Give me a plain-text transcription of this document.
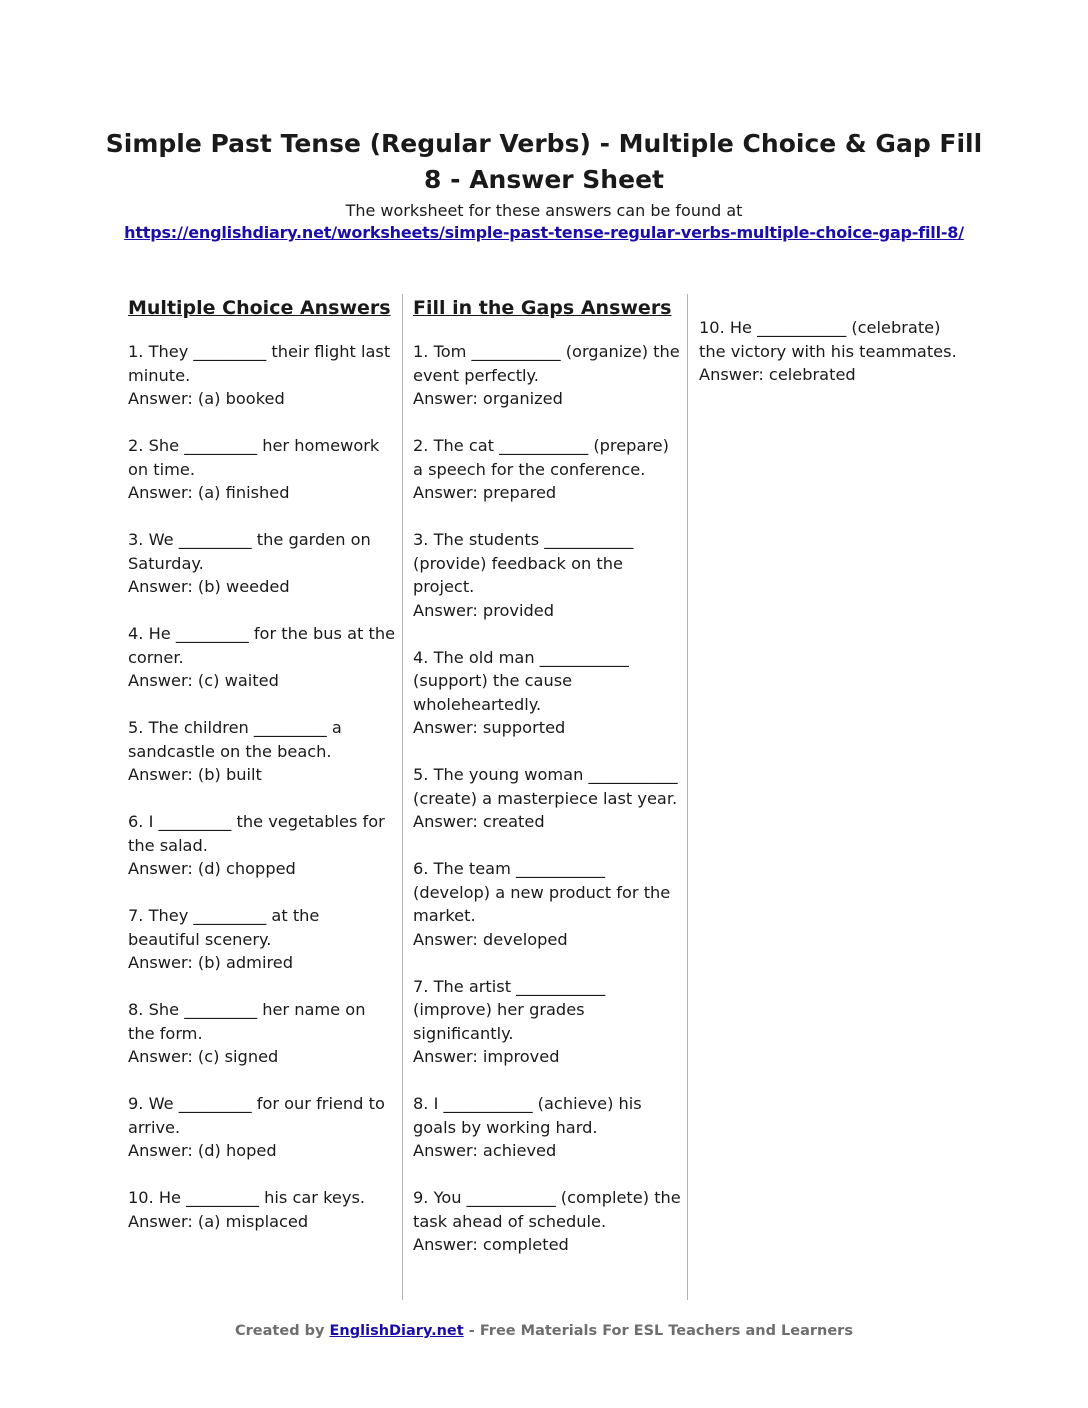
Simple Past Tense (Regular Verbs) - Multiple Choice & Gap Fill 8 - Answer Sheet

The worksheet for these answers can be found at

https://englishdiary.net/worksheets/simple-past-tense-regular-verbs-multiple-choice-gap-fill-8/
Multiple Choice Answers

1. They _________ their flight last minute.

Answer: (a) booked

2. She _________ her homework on time.

Answer: (a) finished

3. We _________ the garden on Saturday.

Answer: (b) weeded

4. He _________ for the bus at the corner.

Answer: (c) waited

5. The children _________ a sandcastle on the beach.

Answer: (b) built

6. I _________ the vegetables for the salad.

Answer: (d) chopped

7. They _________ at the beautiful scenery.

Answer: (b) admired

8. She _________ her name on the form.

Answer: (c) signed

9. We _________ for our friend to arrive.

Answer: (d) hoped

10. He _________ his car keys.

Answer: (a) misplaced

Fill in the Gaps Answers

1. Tom ___________ (organize) the event perfectly.

Answer: organized

2. The cat ___________ (prepare) a speech for the conference.

Answer: prepared

3. The students ___________ (provide) feedback on the project.

Answer: provided

4. The old man ___________ (support) the cause wholeheartedly.

Answer: supported

5. The young woman ___________ (create) a masterpiece last year.

Answer: created

6. The team ___________ (develop) a new product for the market.

Answer: developed

7. The artist ___________ (improve) her grades significantly.

Answer: improved

8. I ___________ (achieve) his goals by working hard.

Answer: achieved

9. You ___________ (complete) the task ahead of schedule.

Answer: completed

10. He ___________ (celebrate) the victory with his teammates.

Answer: celebrated

Created by EnglishDiary.net - Free Materials For ESL Teachers and Learners
